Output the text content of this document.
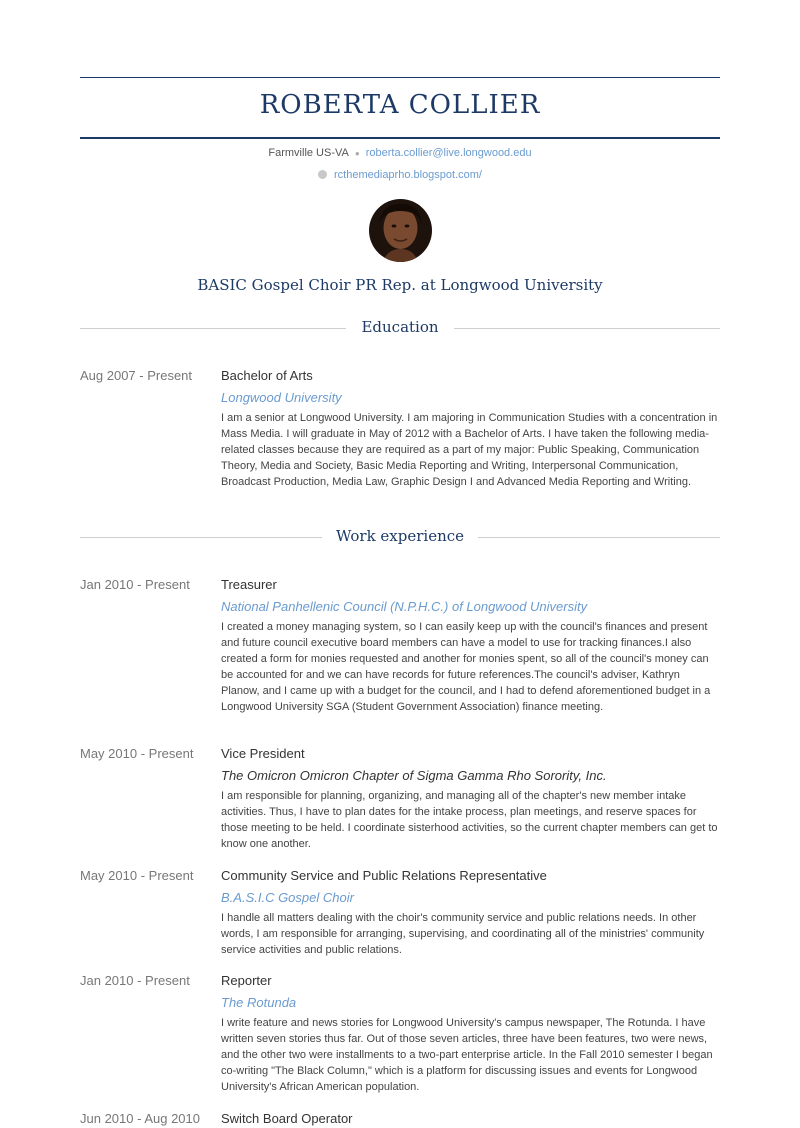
ROBERTA COLLIER
Farmville US-VA ● roberta.collier@live.longwood.edu
rcthemediaprho.blogspot.com/
BASIC Gospel Choir PR Rep. at Longwood University
Education
Aug 2007 - Present	Bachelor of Arts
Longwood University
I am a senior at Longwood University. I am majoring in Communication Studies with a concentration in Mass Media. I will graduate in May of 2012 with a Bachelor of Arts. I have taken the following media-related classes because they are required as a part of my major: Public Speaking, Communication Theory, Media and Society, Basic Media Reporting and Writing, Interpersonal Communication, Broadcast Production, Media Law, Graphic Design I and Advanced Media Reporting and Writing.
Work experience
Jan 2010 - Present	Treasurer
National Panhellenic Council (N.P.H.C.) of Longwood University
I created a money managing system, so I can easily keep up with the council's finances and present and future council executive board members can have a model to use for tracking finances.I also created a form for monies requested and another for monies spent, so all of the council's money can be accounted for and we can have records for future references.The council's adviser, Kathryn Planow, and I came up with a budget for the council, and I had to defend aforementioned budget in a Longwood University SGA (Student Government Association) finance meeting.
May 2010 - Present	Vice President
The Omicron Omicron Chapter of Sigma Gamma Rho Sorority, Inc.
I am responsible for planning, organizing, and managing all of the chapter's new member intake activities. Thus, I have to plan dates for the intake process, plan meetings, and reserve spaces for those meeting to be held. I coordinate sisterhood activities, so the current chapter members can get to know one another.
May 2010 - Present	Community Service and Public Relations Representative
B.A.S.I.C Gospel Choir
I handle all matters dealing with the choir's community service and public relations needs. In other words, I am responsible for arranging, supervising, and coordinating all of the ministries' community service activities and public relations.
Jan 2010 - Present	Reporter
The Rotunda
I write feature and news stories for Longwood University's campus newspaper, The Rotunda. I have written seven stories thus far. Out of those seven articles, three have been features, two were news, and the other two were installments to a two-part enterprise article. In the Fall 2010 semester I began co-writing "The Black Column," which is a platform for discussing issues and events for Longwood University's African American population.
Jun 2010 - Aug 2010	Switch Board Operator
